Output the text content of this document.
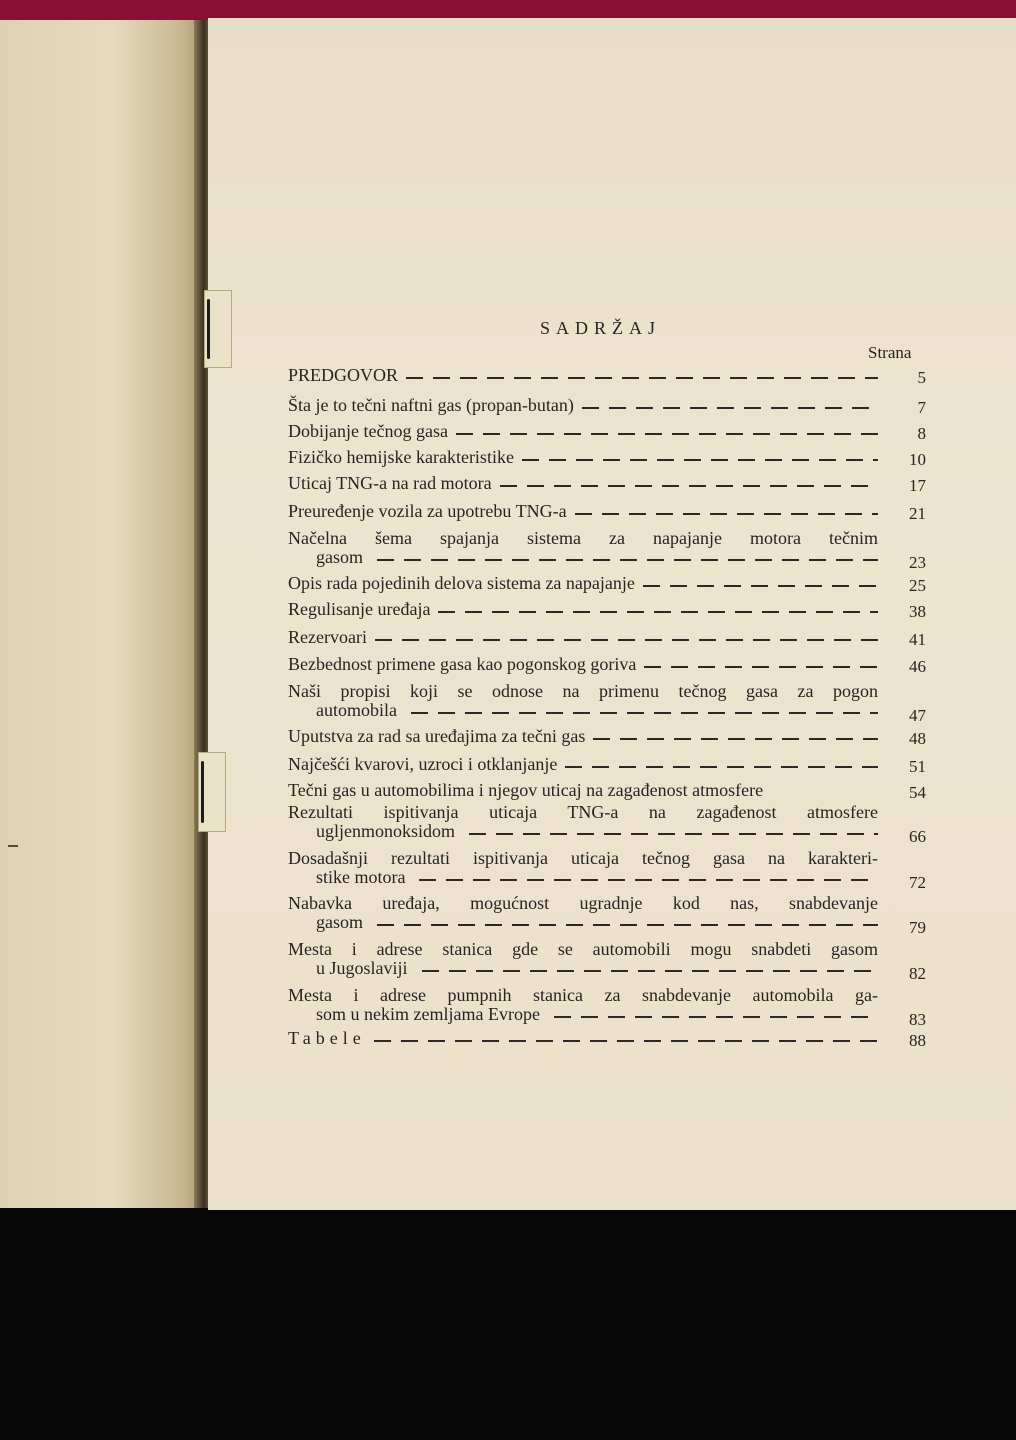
SADRŽAJ
Strana
PREDGOVOR	5
Šta je to tečni naftni gas (propan-butan)	7
Dobijanje tečnog gasa	8
Fizičko hemijske karakteristike	10
Uticaj TNG-a na rad motora	17
Preuređenje vozila za upotrebu TNG-a	21
Načelna šema spajanja sistema za napajanje motora tečnim
gasom	23
Opis rada pojedinih delova sistema za napajanje	25
Regulisanje uređaja	38
Rezervoari	41
Bezbednost primene gasa kao pogonskog goriva	46
Naši propisi koji se odnose na primenu tečnog gasa za pogon
automobila	47
Uputstva za rad sa uređajima za tečni gas	48
Najčešći kvarovi, uzroci i otklanjanje	51
Tečni gas u automobilima i njegov uticaj na zagađenost atmosfere	54
Rezultati ispitivanja uticaja TNG-a na zagađenost atmosfere
ugljenmonoksidom	66
Dosadašnji rezultati ispitivanja uticaja tečnog gasa na karakteri-
stike motora	72
Nabavka uređaja, mogućnost ugradnje kod nas, snabdevanje
gasom	79
Mesta i adrese stanica gde se automobili mogu snabdeti gasom
u Jugoslaviji	82
Mesta i adrese pumpnih stanica za snabdevanje automobila ga-
som u nekim zemljama Evrope	83
Tabele	88
